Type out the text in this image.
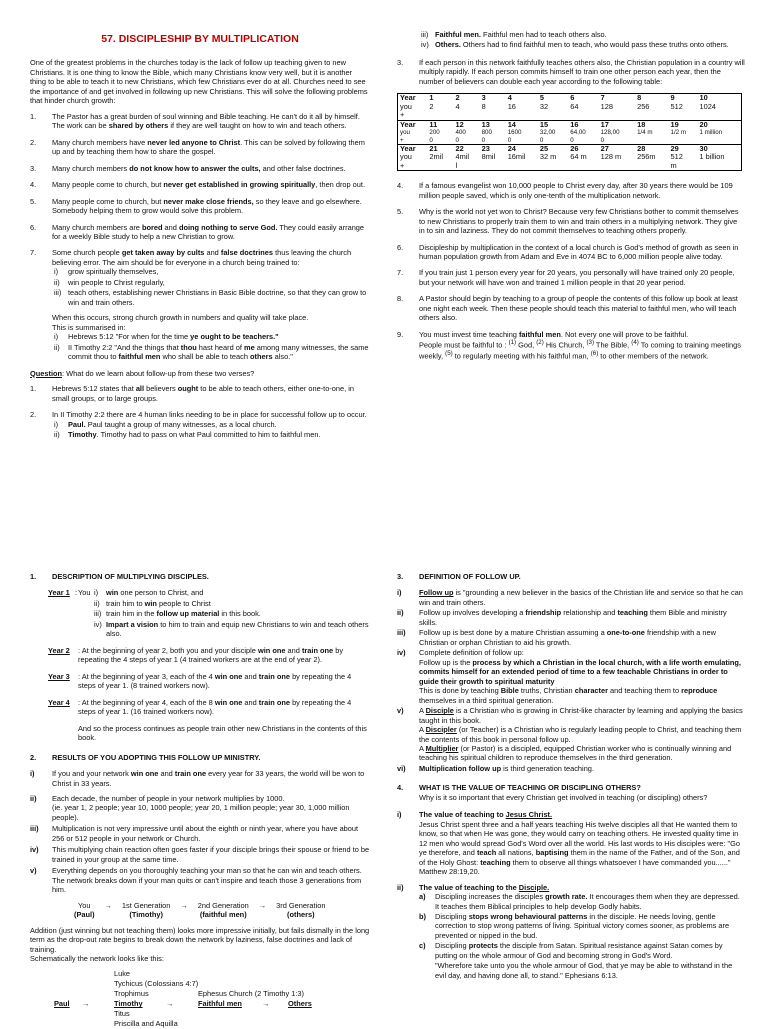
57. DISCIPLESHIP BY MULTIPLICATION

One of the greatest problems in the churches today is the lack of follow up teaching given to new Christians. It is one thing to know the Bible, which many Christians know very well, but it is another thing to be able to teach it to new Christians, which few Christians ever do at all. Churches need to see the importance of and get involved in following up new Christians. This will solve the following problems that hinder church growth:

1. The Pastor has a great burden of soul winning and Bible teaching. He can't do it all by himself. The work can be shared by others if they are well taught on how to win and teach others.
2. Many church members have never led anyone to Christ. This can be solved by following them up and by teaching them how to share the gospel.
3. Many church members do not know how to answer the cults, and other false doctrines.
4. Many people come to church, but never get established in growing spiritually, then drop out.
5. Many people come to church, but never make close friends, so they leave and go elsewhere. Somebody helping them to grow would solve this problem.
6. Many church members are bored and doing nothing to serve God. They could easily arrange for a weekly Bible study to help a new Christian to grow.
7. Some church people get taken away by cults and false doctrines thus leaving the church believing error. The aim should be for everyone in a church being trained to:
i) grow spiritually themselves,
ii) win people to Christ regularly,
iii) teach others, establishing newer Christians in Basic Bible doctrine, so that they can grow to win and train others.
When this occurs, strong church growth in numbers and quality will take place.
This is summarised in:
i) Hebrews 5:12 "For when for the time ye ought to be teachers."
ii) II Timothy 2:2 "And the things that thou hast heard of me among many witnesses, the same commit thou to faithful men who shall be able to teach others also."

Question: What do we learn about follow-up from these two verses?

1. Hebrews 5:12 states that all believers ought to be able to teach others, either one-to-one, in small groups, or to large groups.
2. In II Timothy 2:2 there are 4 human links needing to be in place for successful follow up to occur.
i) Paul. Paul taught a group of many witnesses, as a local church.
ii) Timothy. Timothy had to pass on what Paul committed to him to faithful men.
iii) Faithful men. Faithful men had to teach others also.
iv) Others. Others had to find faithful men to teach, who would pass these truths onto others.
3. If each person in this network faithfully teaches others also, the Christian population in a country will multiply rapidly. If each person commits himself to train one other person each year, then the number of believers can double each year according to the following table:
Year	1	2	3	4	5	6	7	8	9	10
you	2	4	8	16	32	64	128	256	512	1024
+										
Year	11	12	13	14	15	16	17	18	19	20
you	200	400	800	1600	32,00	64,00	128,00	1/4 m	1/2 m	1 million
+	0	0	0	0	0	0	0			
Year	21	22	23	24	25	26	27	28	29	30
you	2mil	4mil	8mil	16mil	32 m	64 m	128 m	256m	512	1 billion
+		l							m	
4. If a famous evangelist won 10,000 people to Christ every day, after 30 years there would be 109 million people saved, which is only one-tenth of the multiplication network.
5. Why is the world not yet won to Christ? Because very few Christians bother to commit themselves to new Christians to properly train them to win and train others in a multiplying network. They give in to sin and laziness. They do not commit themselves to teaching others properly.
6. Discipleship by multiplication in the context of a local church is God's method of growth as seen in human population growth from Adam and Eve in 4074 BC to 6,000 million people alive today.
7. If you train just 1 person every year for 20 years, you personally will have trained only 20 people, but your network will have won and trained 1 million people in that 20 year period.
8. A Pastor should begin by teaching to a group of people the contents of this follow up book at least one night each week. Then these people should teach this material to faithful men, who will teach others also.
9. You must invest time teaching faithful men. Not every one will prove to be faithful.
People must be faithful to : $^{(1)}$ God, $^{(2)}$ His Church, $^{(3)}$ The Bible, $^{(4)}$ To coming to training meetings weekly, $^{(5)}$ to regularly meeting with his faithful man, $^{(6)}$ to other members of the network.
1. DESCRIPTION OF MULTIPLYING DISCIPLES.
Year 1 : You i) win one person to Christ, and
ii) train him to win people to Christ
iii) train him in the follow up material in this book.
iv) Impart a vision to him to train and equip new Christians to win and teach others also.
Year 2 : At the beginning of year 2, both you and your disciple win one and train one by repeating the 4 steps of year 1 (4 trained workers are at the end of year 2).
Year 3 : At the beginning of year 3, each of the 4 win one and train one by repeating the 4 steps of year 1. (8 trained workers now).
Year 4 : At the beginning of year 4, each of the 8 win one and train one by repeating the 4 steps of year 1. (16 trained workers now).

And so the process continues as people train other new Christians in the contents of this book.

2. RESULTS OF YOU ADOPTING THIS FOLLOW UP MINISTRY.
i) If you and your network win one and train one every year for 33 years, the world will be won to Christ in 33 years.
ii) Each decade, the number of people in your network multiplies by 1000.
(ie. year 1, 2 people; year 10, 1000 people; year 20, 1 million people; year 30, 1,000 million people).
iii) Multiplication is not very impressive until about the eighth or ninth year, where you have about 256 or 512 people in your network or Church.
iv) This multiplying chain reaction often goes faster if your disciple brings their spouse or friend to be trained in your group at the same time.
v) Everything depends on you thoroughly teaching your man so that he can win and teach others. The network breaks down if your man quits or can't inspire and teach those 3 generations from him.
You
(Paul)
→ 1st Generation
(Timothy)
→ 2nd Generation
(faithful men)
→ 3rd Generation
(others)

Addition (just winning but not teaching them) looks more impressive initially, but fails dismally in the long term as the drop-out rate begins to break down the network by laziness, false doctrines and lack of training.
Schematically the network looks like this:

Luke
Tychicus (Colossians 4:7)
Trophimus	Ephesus Church (2 Timothy 1:3)
Paul →	Timothy	→	Faithful men	→	Others
Titus
Priscilla and Aquilla
3. DEFINITION OF FOLLOW UP.
i) Follow up is "grounding a new believer in the basics of the Christian life and service so that he can win and train others.
ii) Follow up involves developing a friendship relationship and teaching them Bible and ministry skills.
iii) Follow up is best done by a mature Christian assuming a one-to-one friendship with a new Christian or orphan Christian to aid his growth.
iv) Complete definition of follow up:
Follow up is the process by which a Christian in the local church, with a life worth emulating, commits himself for an extended period of time to a few teachable Christians in order to guide their growth to spiritual maturity
This is done by teaching Bible truths, Christian character and teaching them to reproduce themselves in a third spiritual generation.
v) A Disciple is a Christian who is growing in Christ-like character by learning and applying the basics taught in this book.
A Discipler (or Teacher) is a Christian who is regularly leading people to Christ, and teaching them the contents of this book in personal follow up.
A Multiplier (or Pastor) is a discipled, equipped Christian worker who is continually winning and teaching his spiritual children to reproduce themselves in the third generation.
vi) Multiplication follow up is third generation teaching.
4. WHAT IS THE VALUE OF TEACHING OR DISCIPLING OTHERS?

Why is it so important that every Christian get involved in teaching (or discipling) others?

i) The value of teaching to Jesus Christ.
Jesus Christ spent three and a half years teaching His twelve disciples all that He wanted them to know, so that when He was gone, they would carry on teaching others. He invested quality time in 12 men who would spread God's Word over all the world. His last words to His disciples were: "Go ye therefore, and teach all nations, baptising them in the name of the Father, and of the Son, and of the Holy Ghost: teaching them to observe all things whatsoever I have commanded you......" Matthew 28:19,20.
ii) The value of teaching to the Disciple.
a) Discipling increases the disciples growth rate. It encourages them when they are depressed. It teaches them Biblical principles to help develop Godly habits.
b) Discipling stops wrong behavioural patterns in the disciple. He needs loving, gentle correction to stop wrong patterns of living. Spiritual victory comes sooner, as problems are prevented or nipped in the bud.
c) Discipling protects the disciple from Satan. Spiritual resistance against Satan comes by putting on the whole armour of God and becoming strong in God's Word.
"Wherefore take unto you the whole armour of God, that ye may be able to withstand in the evil day, and having done all, to stand." Ephesians 6:13.
